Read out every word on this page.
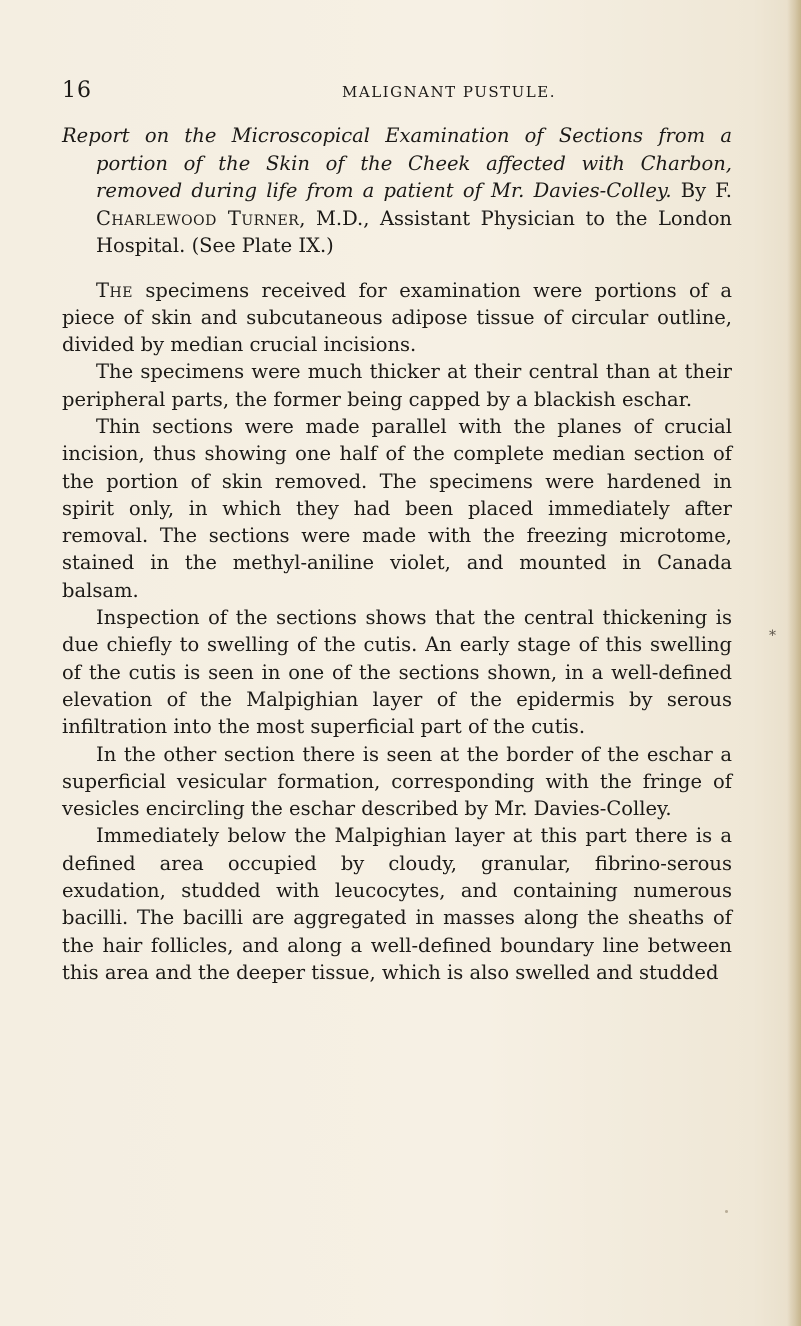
16	MALIGNANT PUSTULE.

Report on the Microscopical Examination of Sections from a portion of the Skin of the Cheek affected with Charbon, removed during life from a patient of Mr. Davies-Colley. By F. Charlewood Turner, M.D., Assistant Physician to the London Hospital. (See Plate IX.)

The specimens received for examination were portions of a piece of skin and subcutaneous adipose tissue of circular outline, divided by median crucial incisions.

The specimens were much thicker at their central than at their peripheral parts, the former being capped by a blackish eschar.

Thin sections were made parallel with the planes of crucial incision, thus showing one half of the complete median section of the portion of skin removed. The specimens were hardened in spirit only, in which they had been placed immediately after removal. The sections were made with the freezing microtome, stained in the methyl-aniline violet, and mounted in Canada balsam.

Inspection of the sections shows that the central thickening is due chiefly to swelling of the cutis. An early stage of this swelling of the cutis is seen in one of the sections shown, in a well-defined elevation of the Malpighian layer of the epidermis by serous infiltration into the most superficial part of the cutis.

In the other section there is seen at the border of the eschar a superficial vesicular formation, corresponding with the fringe of vesicles encircling the eschar described by Mr. Davies-Colley.

Immediately below the Malpighian layer at this part there is a defined area occupied by cloudy, granular, fibrino-serous exudation, studded with leucocytes, and containing numerous bacilli. The bacilli are aggregated in masses along the sheaths of the hair follicles, and along a well-defined boundary line between this area and the deeper tissue, which is also swelled and studded

*
